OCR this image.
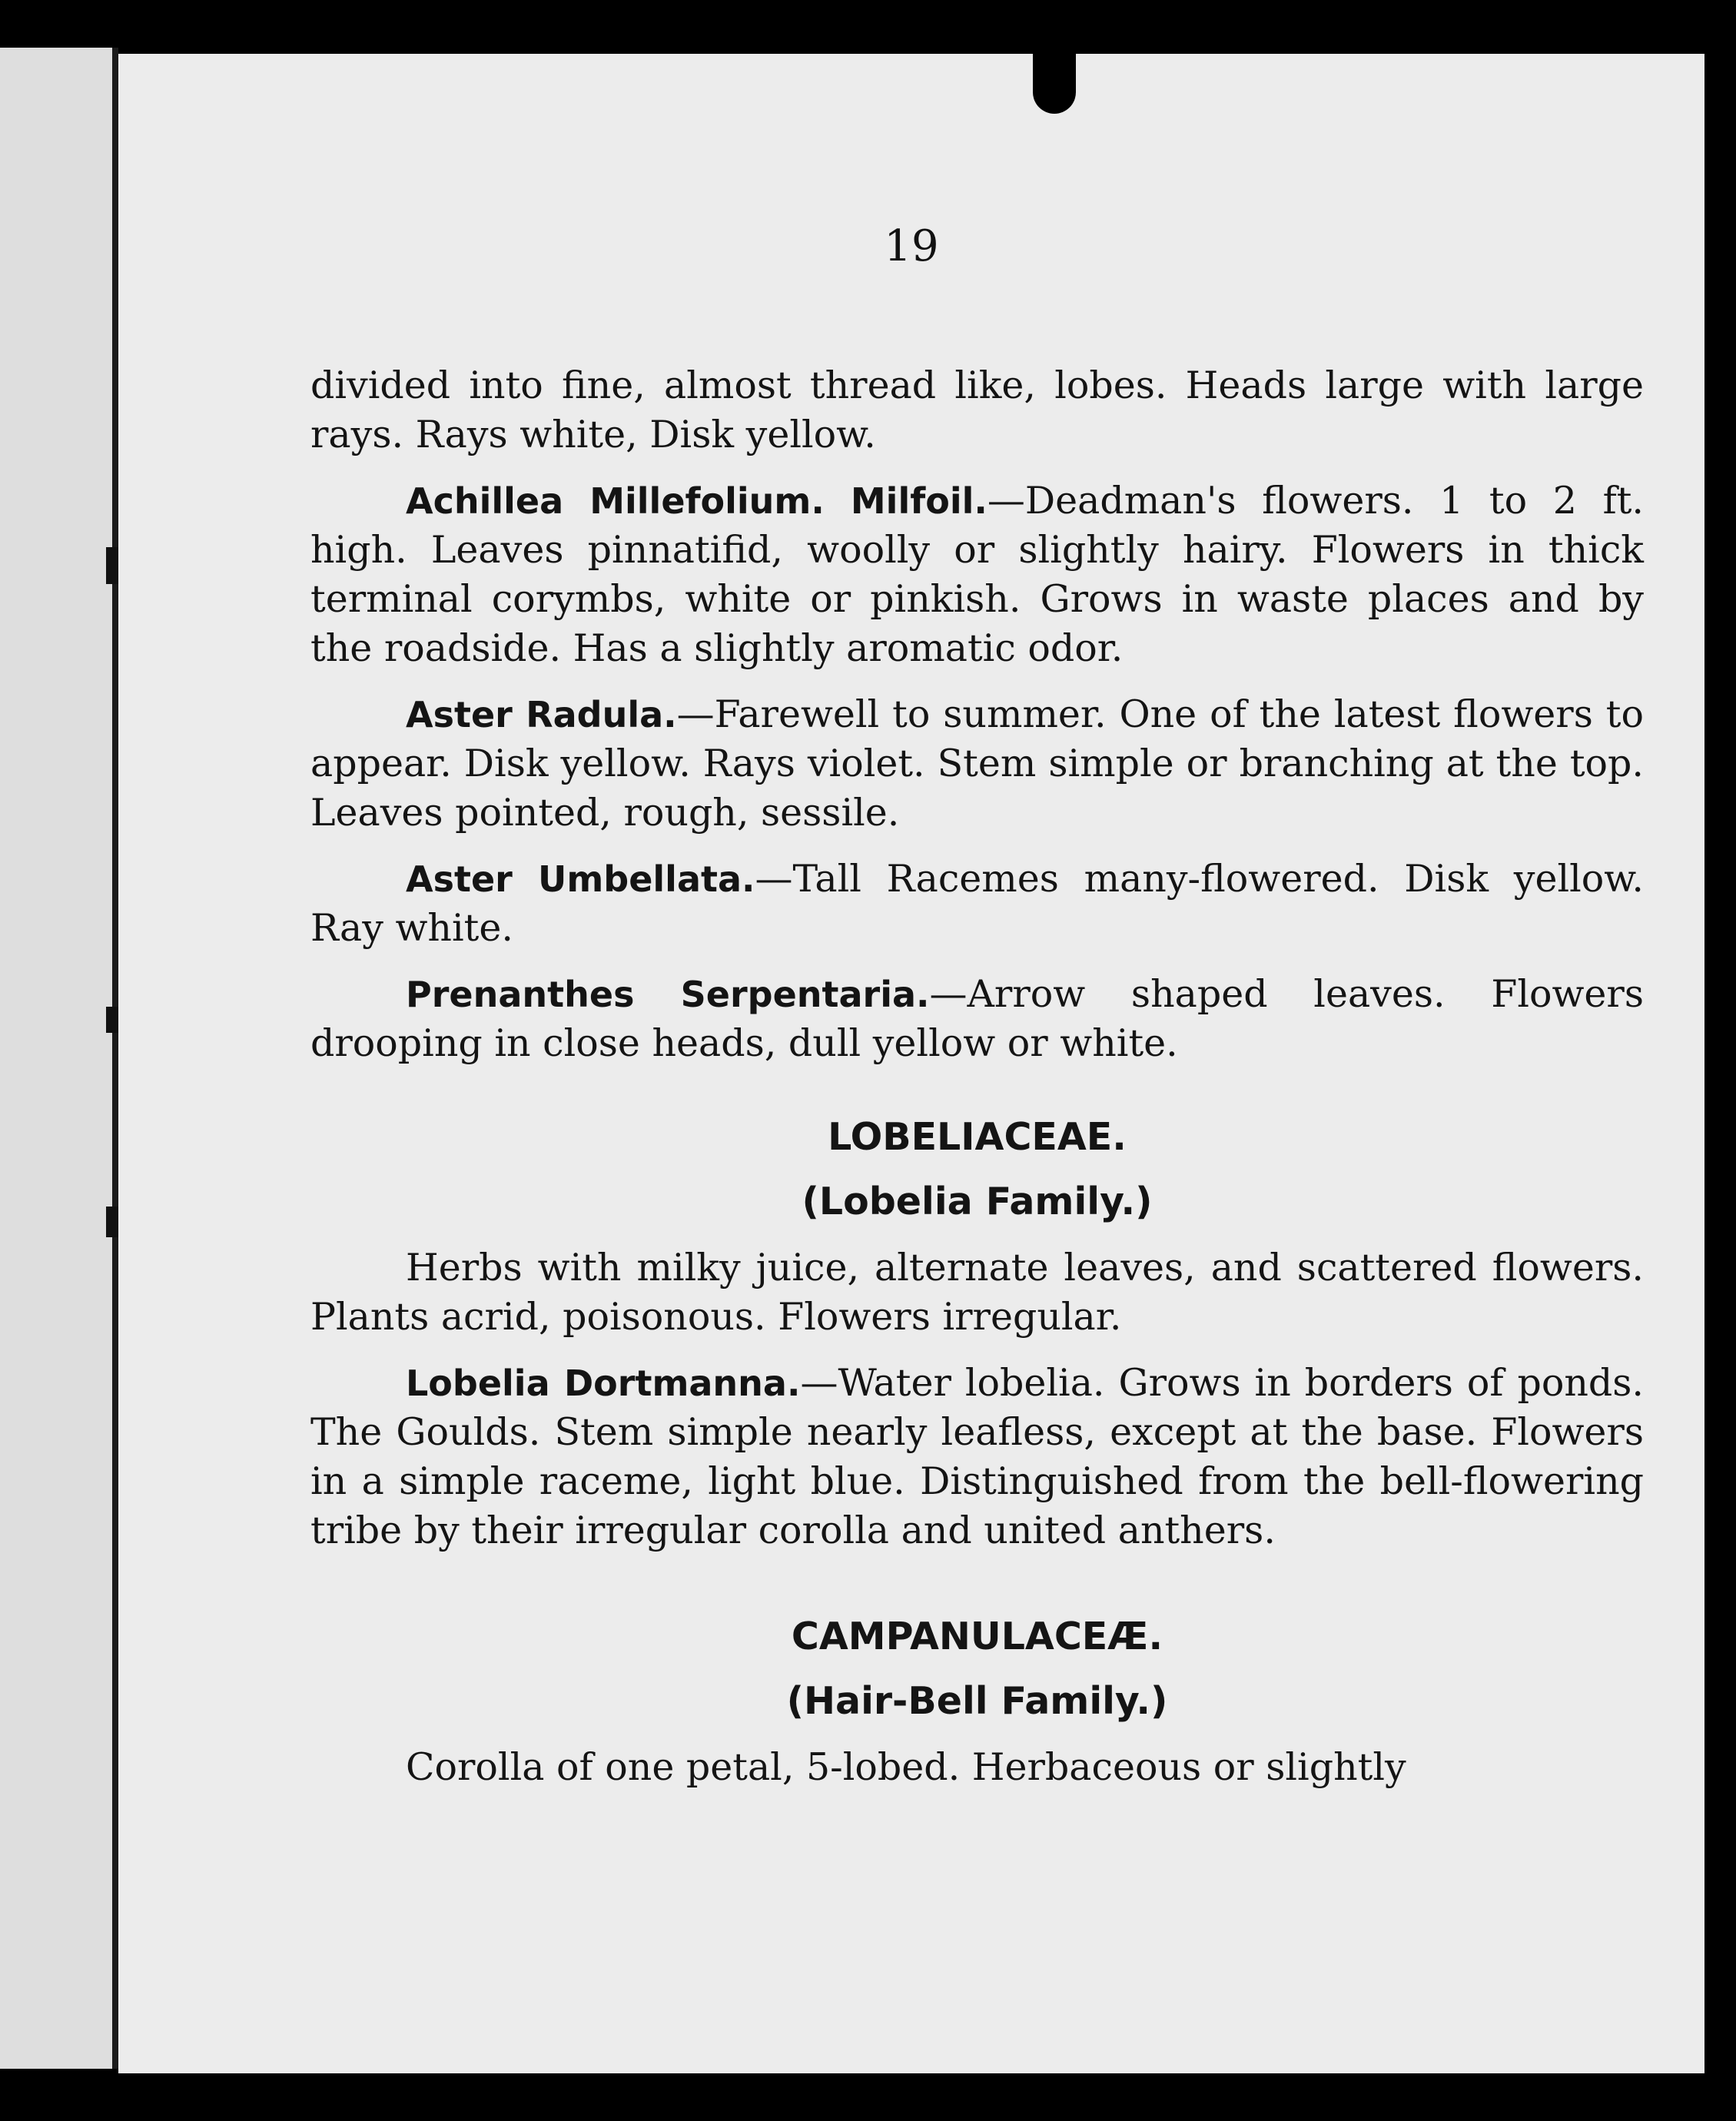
19

divided into fine, almost thread like, lobes. Heads large with large rays. Rays white, Disk yellow.

Achillea Millefolium. Milfoil.—Deadman's flowers. 1 to 2 ft. high. Leaves pinnatifid, woolly or slightly hairy. Flowers in thick terminal corymbs, white or pinkish. Grows in waste places and by the roadside. Has a slightly aromatic odor.

Aster Radula.—Farewell to summer. One of the latest flowers to appear. Disk yellow. Rays violet. Stem simple or branching at the top. Leaves pointed, rough, sessile.

Aster Umbellata.—Tall Racemes many-flowered. Disk yellow. Ray white.

Prenanthes Serpentaria.—Arrow shaped leaves. Flowers drooping in close heads, dull yellow or white.

LOBELIACEAE.

(Lobelia Family.)

Herbs with milky juice, alternate leaves, and scattered flowers. Plants acrid, poisonous. Flowers irregular.

Lobelia Dortmanna.—Water lobelia. Grows in borders of ponds. The Goulds. Stem simple nearly leafless, except at the base. Flowers in a simple raceme, light blue. Distinguished from the bell-flowering tribe by their irregular corolla and united anthers.

CAMPANULACEÆ.

(Hair-Bell Family.)

Corolla of one petal, 5-lobed. Herbaceous or slightly
